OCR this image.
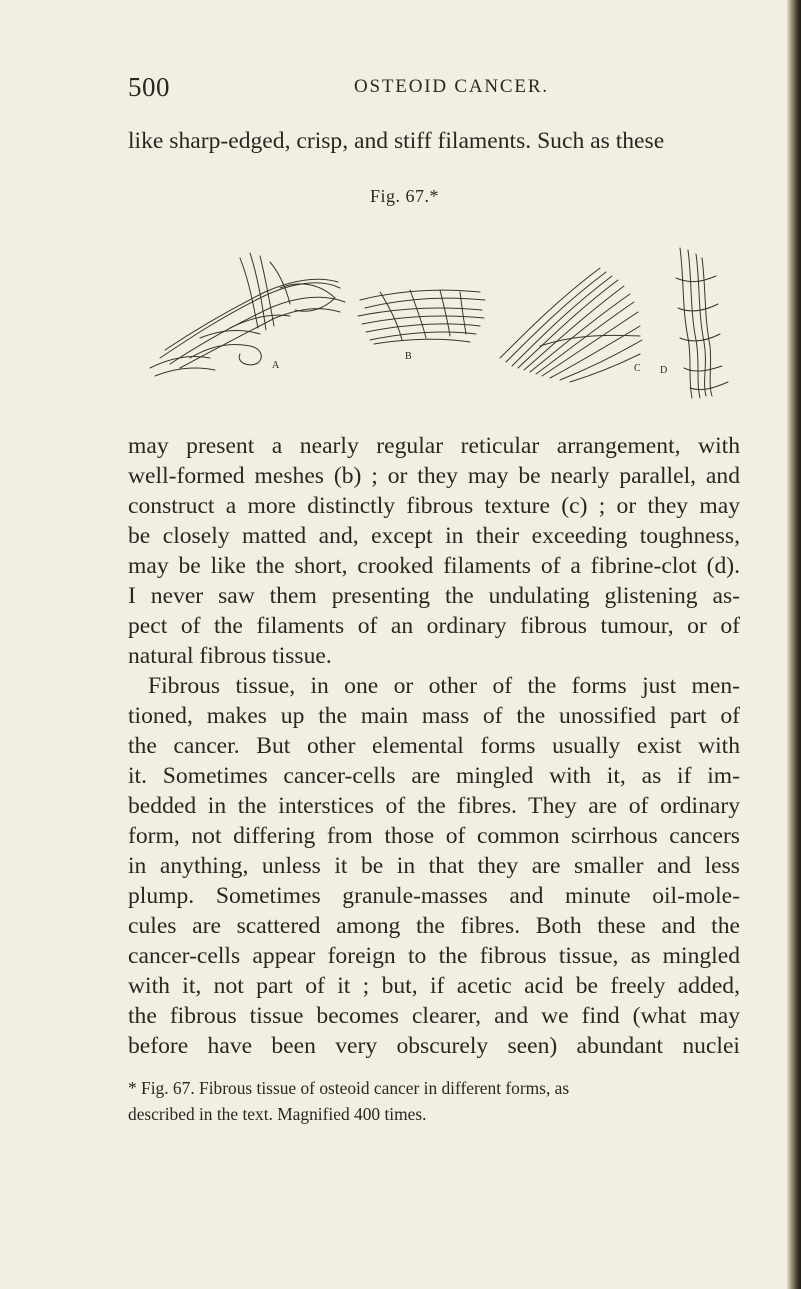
500	OSTEOID CANCER.
like sharp-edged, crisp, and stiff filaments. Such as these
Fig. 67.*
A
B
C D
may present a nearly regular reticular arrangement, with
well-formed meshes (b) ; or they may be nearly parallel, and
construct a more distinctly fibrous texture (c) ; or they may
be closely matted and, except in their exceeding toughness,
may be like the short, crooked filaments of a fibrine-clot (d).
I never saw them presenting the undulating glistening as-
pect of the filaments of an ordinary fibrous tumour, or of
natural fibrous tissue.
Fibrous tissue, in one or other of the forms just men-
tioned, makes up the main mass of the unossified part of
the cancer. But other elemental forms usually exist with
it. Sometimes cancer-cells are mingled with it, as if im-
bedded in the interstices of the fibres. They are of ordinary
form, not differing from those of common scirrhous cancers
in anything, unless it be in that they are smaller and less
plump. Sometimes granule-masses and minute oil-mole-
cules are scattered among the fibres. Both these and the
cancer-cells appear foreign to the fibrous tissue, as mingled
with it, not part of it ; but, if acetic acid be freely added,
the fibrous tissue becomes clearer, and we find (what may
before have been very obscurely seen) abundant nuclei
* Fig. 67. Fibrous tissue of osteoid cancer in different forms, as
described in the text. Magnified 400 times.
